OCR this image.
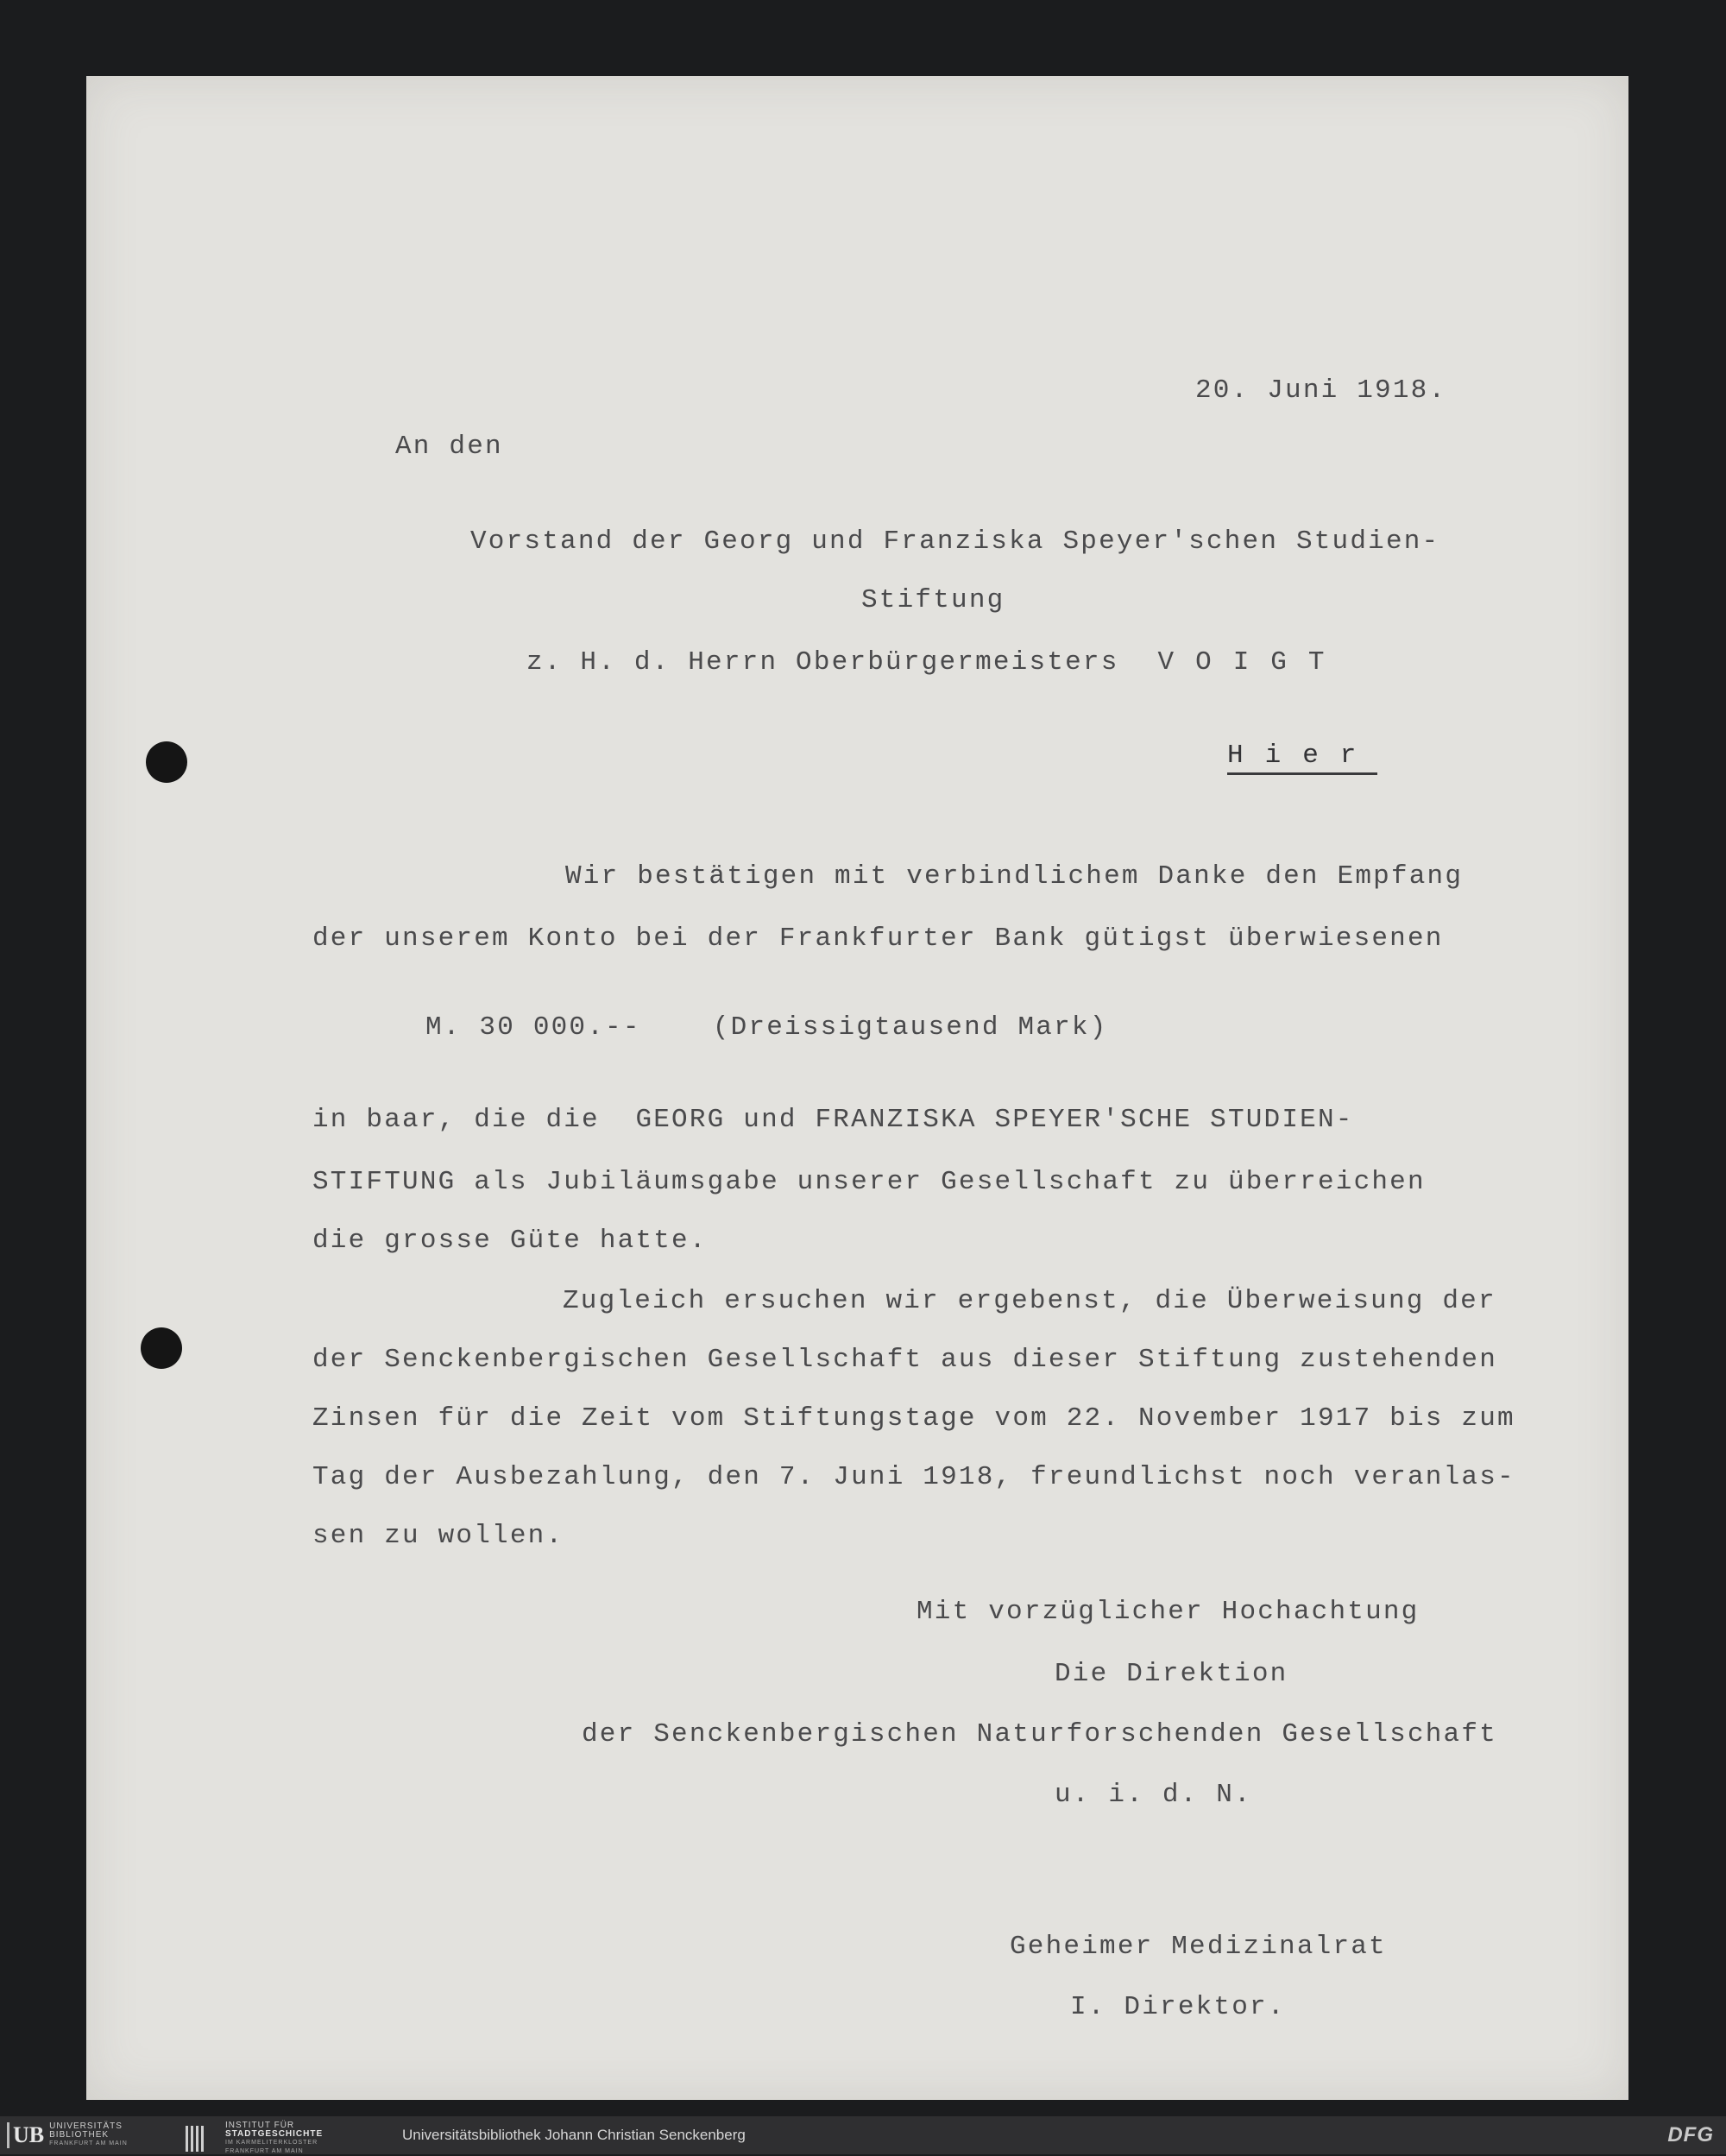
20. Juni 1918.
An den
Vorstand der Georg und Franziska Speyer'schen Studien-
Stiftung
z. H. d. Herrn Oberbürgermeisters VOIGT
Hier
Wir bestätigen mit verbindlichem Danke den Empfang
der unserem Konto bei der Frankfurter Bank gütigst überwiesenen
M. 30 000.--    (Dreissigtausend Mark)
in baar, die die  GEORG und FRANZISKA SPEYER'SCHE STUDIEN-
STIFTUNG als Jubiläumsgabe unserer Gesellschaft zu überreichen
die grosse Güte hatte.
Zugleich ersuchen wir ergebenst, die Überweisung der
der Senckenbergischen Gesellschaft aus dieser Stiftung zustehenden
Zinsen für die Zeit vom Stiftungstage vom 22. November 1917 bis zum
Tag der Ausbezahlung, den 7. Juni 1918, freundlichst noch veranlas-
sen zu wollen.
Mit vorzüglicher Hochachtung
Die Direktion
der Senckenbergischen Naturforschenden Gesellschaft
u. i. d. N.
Geheimer Medizinalrat
I. Direktor.
UB UNIVERSITÄTS
BIBLIOTHEK
FRANKFURT AM MAIN
INSTITUT FÜR
STADTGESCHICHTE
IM KARMELITERKLOSTER
FRANKFURT AM MAIN
Universitätsbibliothek Johann Christian Senckenberg	DFG
